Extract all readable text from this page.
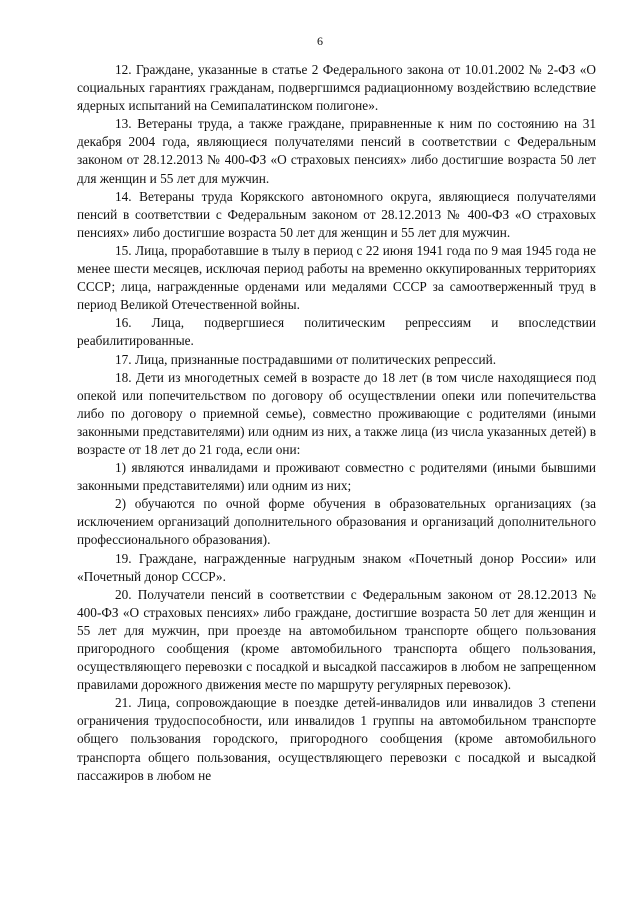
6

12. Граждане, указанные в статье 2 Федерального закона от 10.01.2002 № 2-ФЗ «О социальных гарантиях гражданам, подвергшимся радиационному воздействию вследствие ядерных испытаний на Семипалатинском полигоне».

13. Ветераны труда, а также граждане, приравненные к ним по состоянию на 31 декабря 2004 года, являющиеся получателями пенсий в соответствии с Федеральным законом от 28.12.2013 № 400-ФЗ «О страховых пенсиях» либо достигшие возраста 50 лет для женщин и 55 лет для мужчин.

14. Ветераны труда Корякского автономного округа, являющиеся получателями пенсий в соответствии с Федеральным законом от 28.12.2013 № 400-ФЗ «О страховых пенсиях» либо достигшие возраста 50 лет для женщин и 55 лет для мужчин.

15. Лица, проработавшие в тылу в период с 22 июня 1941 года по 9 мая 1945 года не менее шести месяцев, исключая период работы на временно оккупированных территориях СССР; лица, награжденные орденами или медалями СССР за самоотверженный труд в период Великой Отечественной войны.

16. Лица, подвергшиеся политическим репрессиям и впоследствии реабилитированные.

17. Лица, признанные пострадавшими от политических репрессий.

18. Дети из многодетных семей в возрасте до 18 лет (в том числе находящиеся под опекой или попечительством по договору об осуществлении опеки или попечительства либо по договору о приемной семье), совместно проживающие с родителями (иными законными представителями) или одним из них, а также лица (из числа указанных детей) в возрасте от 18 лет до 21 года, если они:

1) являются инвалидами и проживают совместно с родителями (иными бывшими законными представителями) или одним из них;

2) обучаются по очной форме обучения в образовательных организациях (за исключением организаций дополнительного образования и организаций дополнительного профессионального образования).

19. Граждане, награжденные нагрудным знаком «Почетный донор России» или «Почетный донор СССР».

20. Получатели пенсий в соответствии с Федеральным законом от 28.12.2013 № 400-ФЗ «О страховых пенсиях» либо граждане, достигшие возраста 50 лет для женщин и 55 лет для мужчин, при проезде на автомобильном транспорте общего пользования пригородного сообщения (кроме автомобильного транспорта общего пользования, осуществляющего перевозки с посадкой и высадкой пассажиров в любом не запрещенном правилами дорожного движения месте по маршруту регулярных перевозок).

21. Лица, сопровождающие в поездке детей-инвалидов или инвалидов 3 степени ограничения трудоспособности, или инвалидов 1 группы на автомобильном транспорте общего пользования городского, пригородного сообщения (кроме автомобильного транспорта общего пользования, осуществляющего перевозки с посадкой и высадкой пассажиров в любом не
